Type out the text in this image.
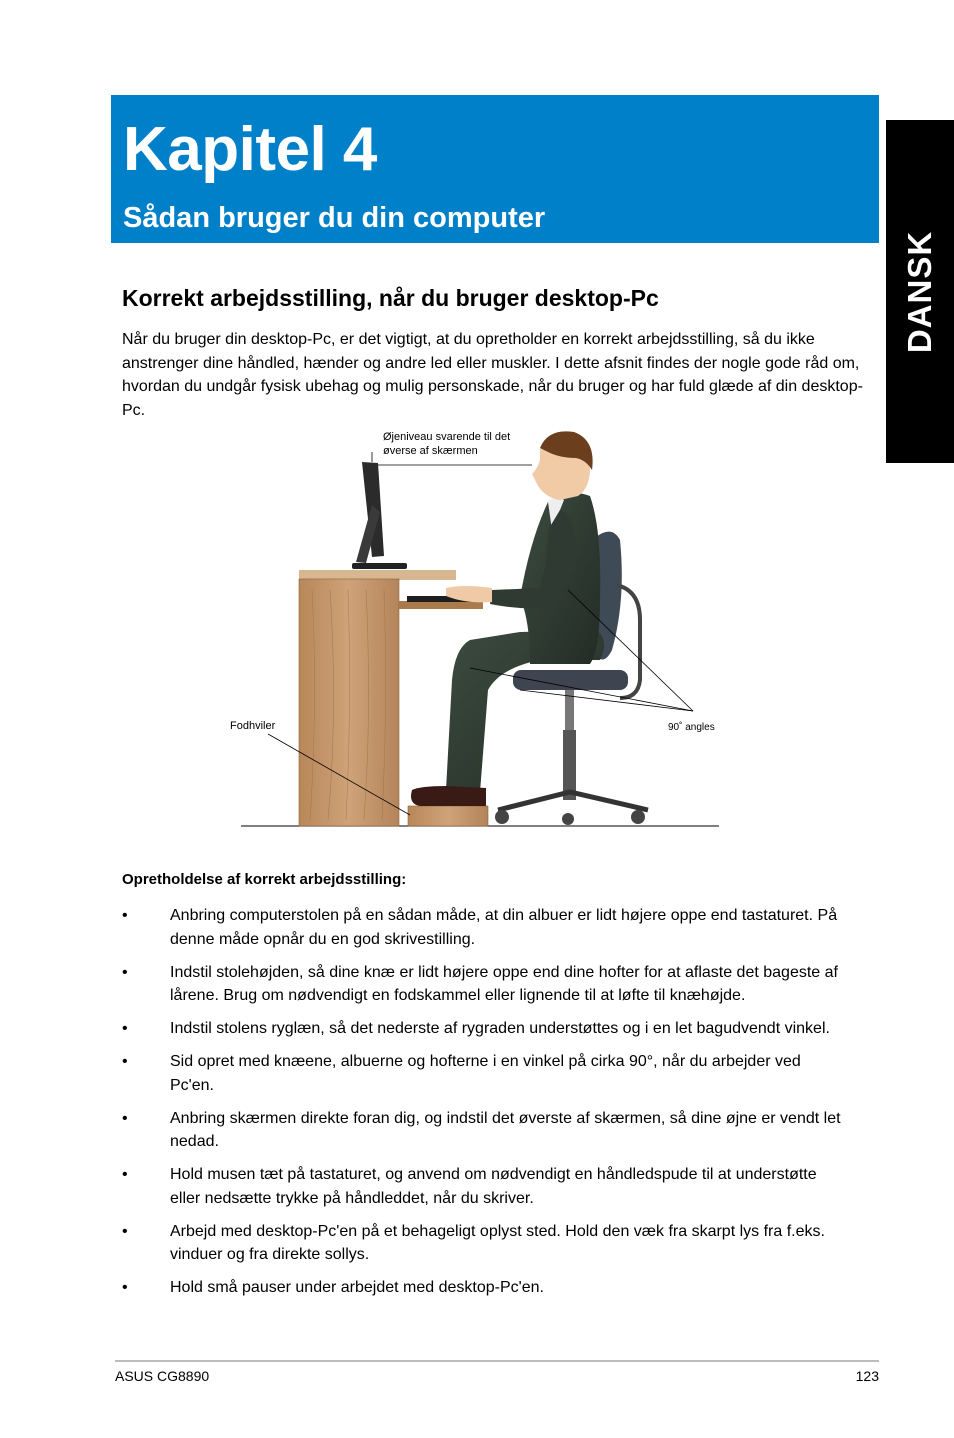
Kapitel 4
Sådan bruger du din computer
DANSK
Korrekt arbejdsstilling, når du bruger desktop-Pc

Når du bruger din desktop-Pc, er det vigtigt, at du opretholder en korrekt arbejdsstilling, så du ikke anstrenger dine håndled, hænder og andre led eller muskler. I dette afsnit findes der nogle gode råd om, hvordan du undgår fysisk ubehag og mulig personskade, når du bruger og har fuld glæde af din desktop-Pc.

Øjeniveau svarende til det øverse af skærmen
Fodhviler	90˚ angles
Opretholdelse af korrekt arbejdsstilling:
•	Anbring computerstolen på en sådan måde, at din albuer er lidt højere oppe end tastaturet. På denne måde opnår du en god skrivestilling.
•	Indstil stolehøjden, så dine knæ er lidt højere oppe end dine hofter for at aflaste det bageste af lårene. Brug om nødvendigt en fodskammel eller lignende til at løfte til knæhøjde.
•	Indstil stolens ryglæn, så det nederste af rygraden understøttes og i en let bagudvendt vinkel.
•	Sid opret med knæene, albuerne og hofterne i en vinkel på cirka 90°, når du arbejder ved Pc'en.
•	Anbring skærmen direkte foran dig, og indstil det øverste af skærmen, så dine øjne er vendt let nedad.
•	Hold musen tæt på tastaturet, og anvend om nødvendigt en håndledspude til at understøtte eller nedsætte trykke på håndleddet, når du skriver.
•	Arbejd med desktop-Pc'en på et behageligt oplyst sted. Hold den væk fra skarpt lys fra f.eks. vinduer og fra direkte sollys.
•	Hold små pauser under arbejdet med desktop-Pc'en.
ASUS CG8890	123
